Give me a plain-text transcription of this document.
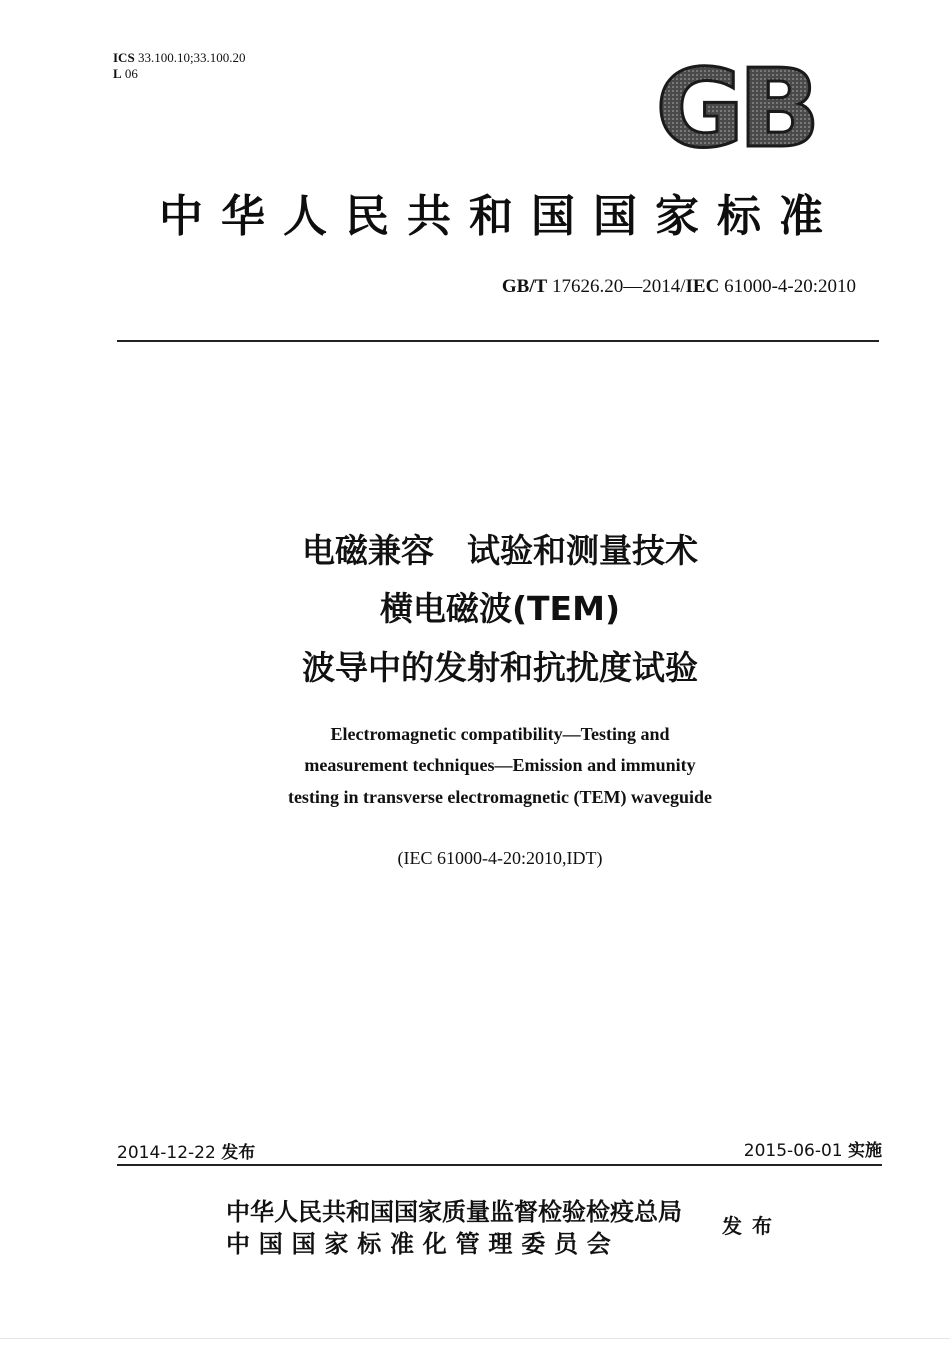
ICS 33.100.10;33.100.20
L 06	GB
中华人民共和国国家标准
GB/T 17626.20—2014/IEC 61000-4-20:2010
电磁兼容　试验和测量技术
横电磁波(TEM)
波导中的发射和抗扰度试验
Electromagnetic compatibility—Testing and
measurement techniques—Emission and immunity
testing in transverse electromagnetic (TEM) waveguide
(IEC 61000-4-20:2010,IDT)
2014-12-22 发布	2015-06-01 实施
中华人民共和国国家质量监督检验检疫总局
中国国家标准化管理委员会
发布
